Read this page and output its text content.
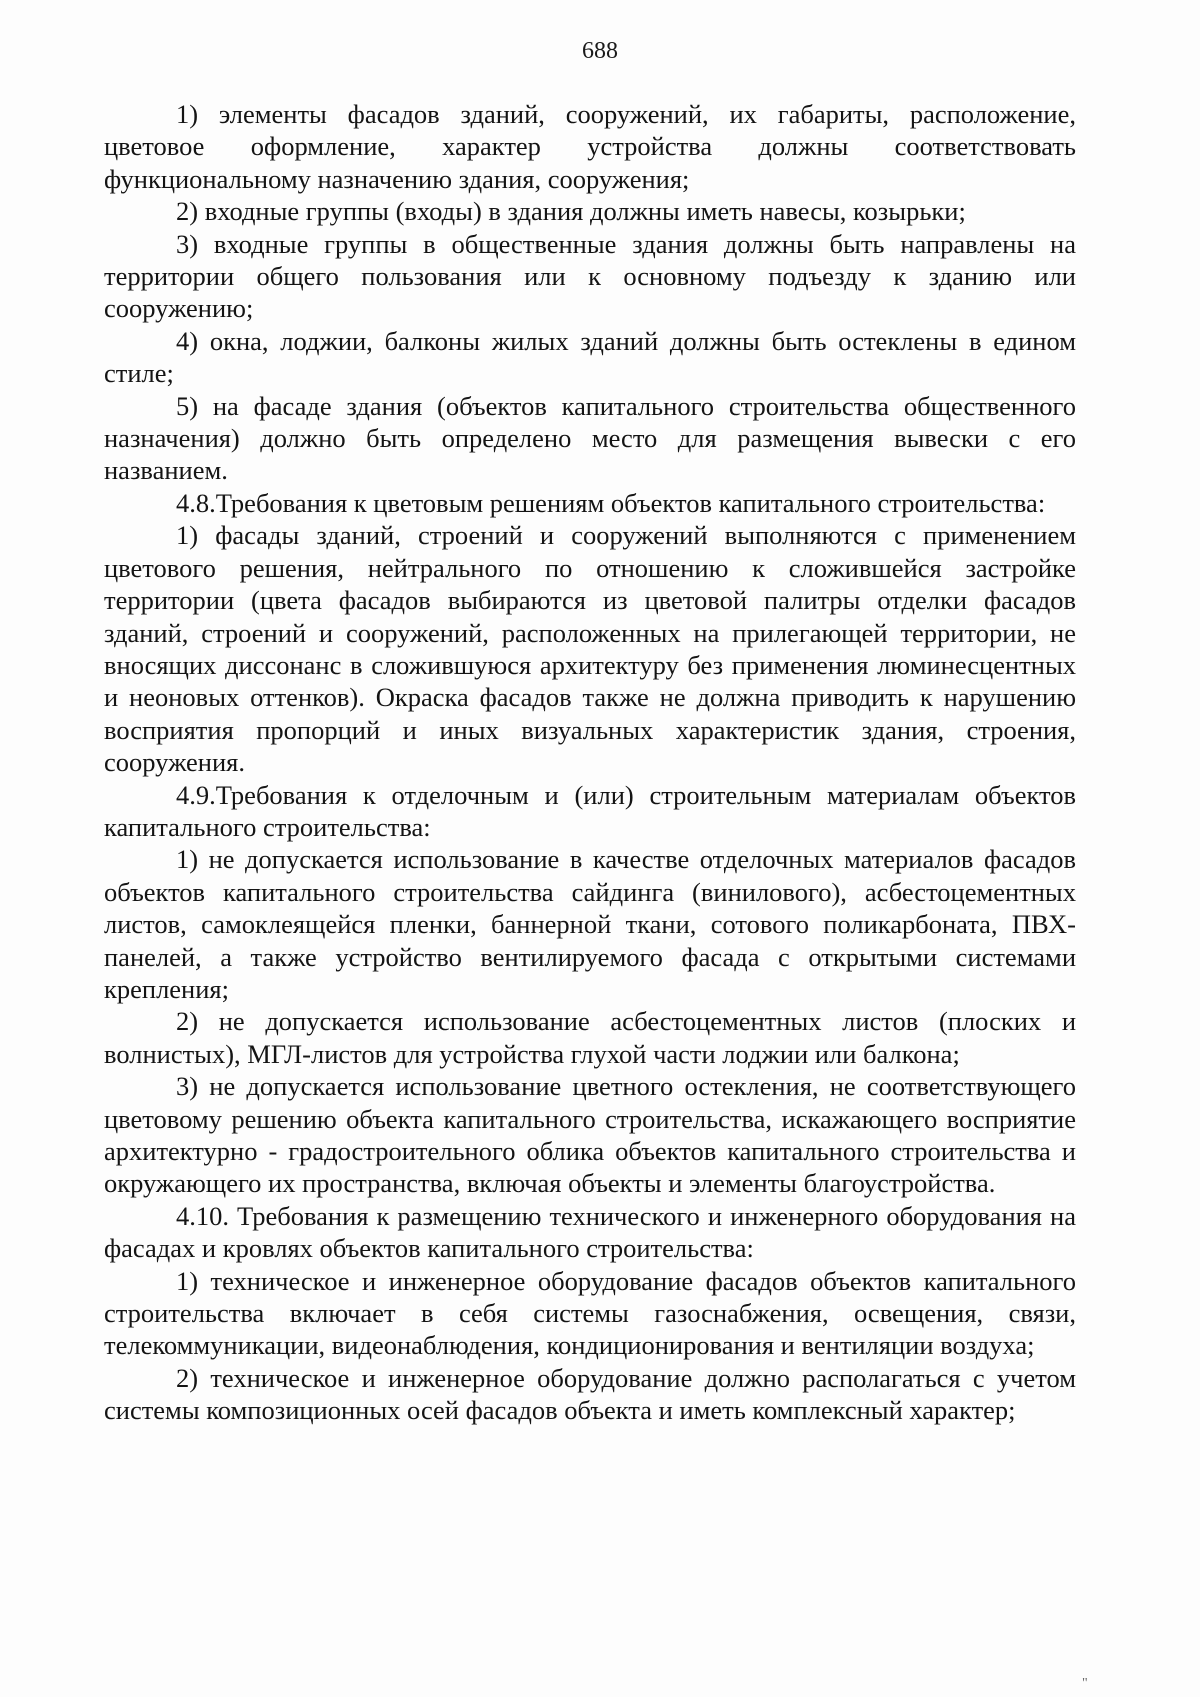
688

1) элементы фасадов зданий, сооружений, их габариты, расположение, цветовое оформление, характер устройства должны соответствовать функциональному назначению здания, сооружения;

2) входные группы (входы) в здания должны иметь навесы, козырьки;

3) входные группы в общественные здания должны быть направлены на территории общего пользования или к основному подъезду к зданию или сооружению;

4) окна, лоджии, балконы жилых зданий должны быть остеклены в едином стиле;

5) на фасаде здания (объектов капитального строительства общественного назначения) должно быть определено место для размещения вывески с его названием.

4.8.Требования к цветовым решениям объектов капитального строительства:

1) фасады зданий, строений и сооружений выполняются с применением цветового решения, нейтрального по отношению к сложившейся застройке территории (цвета фасадов выбираются из цветовой палитры отделки фасадов зданий, строений и сооружений, расположенных на прилегающей территории, не вносящих диссонанс в сложившуюся архитектуру без применения люминесцентных и неоновых оттенков). Окраска фасадов также не должна приводить к нарушению восприятия пропорций и иных визуальных характеристик здания, строения, сооружения.

4.9.Требования к отделочным и (или) строительным материалам объектов капитального строительства:

1) не допускается использование в качестве отделочных материалов фасадов объектов капитального строительства сайдинга (винилового), асбестоцементных листов, самоклеящейся пленки, баннерной ткани, сотового поликарбоната, ПВХ-панелей, а также устройство вентилируемого фасада с открытыми системами крепления;

2) не допускается использование асбестоцементных листов (плоских и волнистых), МГЛ-листов для устройства глухой части лоджии или балкона;

3) не допускается использование цветного остекления, не соответствующего цветовому решению объекта капитального строительства, искажающего восприятие архитектурно - градостроительного облика объектов капитального строительства и окружающего их пространства, включая объекты и элементы благоустройства.

4.10. Требования к размещению технического и инженерного оборудования на фасадах и кровлях объектов капитального строительства:

1) техническое и инженерное оборудование фасадов объектов капитального строительства включает в себя системы газоснабжения, освещения, связи, телекоммуникации, видеонаблюдения, кондиционирования и вентиляции воздуха;

2) техническое и инженерное оборудование должно располагаться с учетом системы композиционных осей фасадов объекта и иметь комплексный характер;

"
